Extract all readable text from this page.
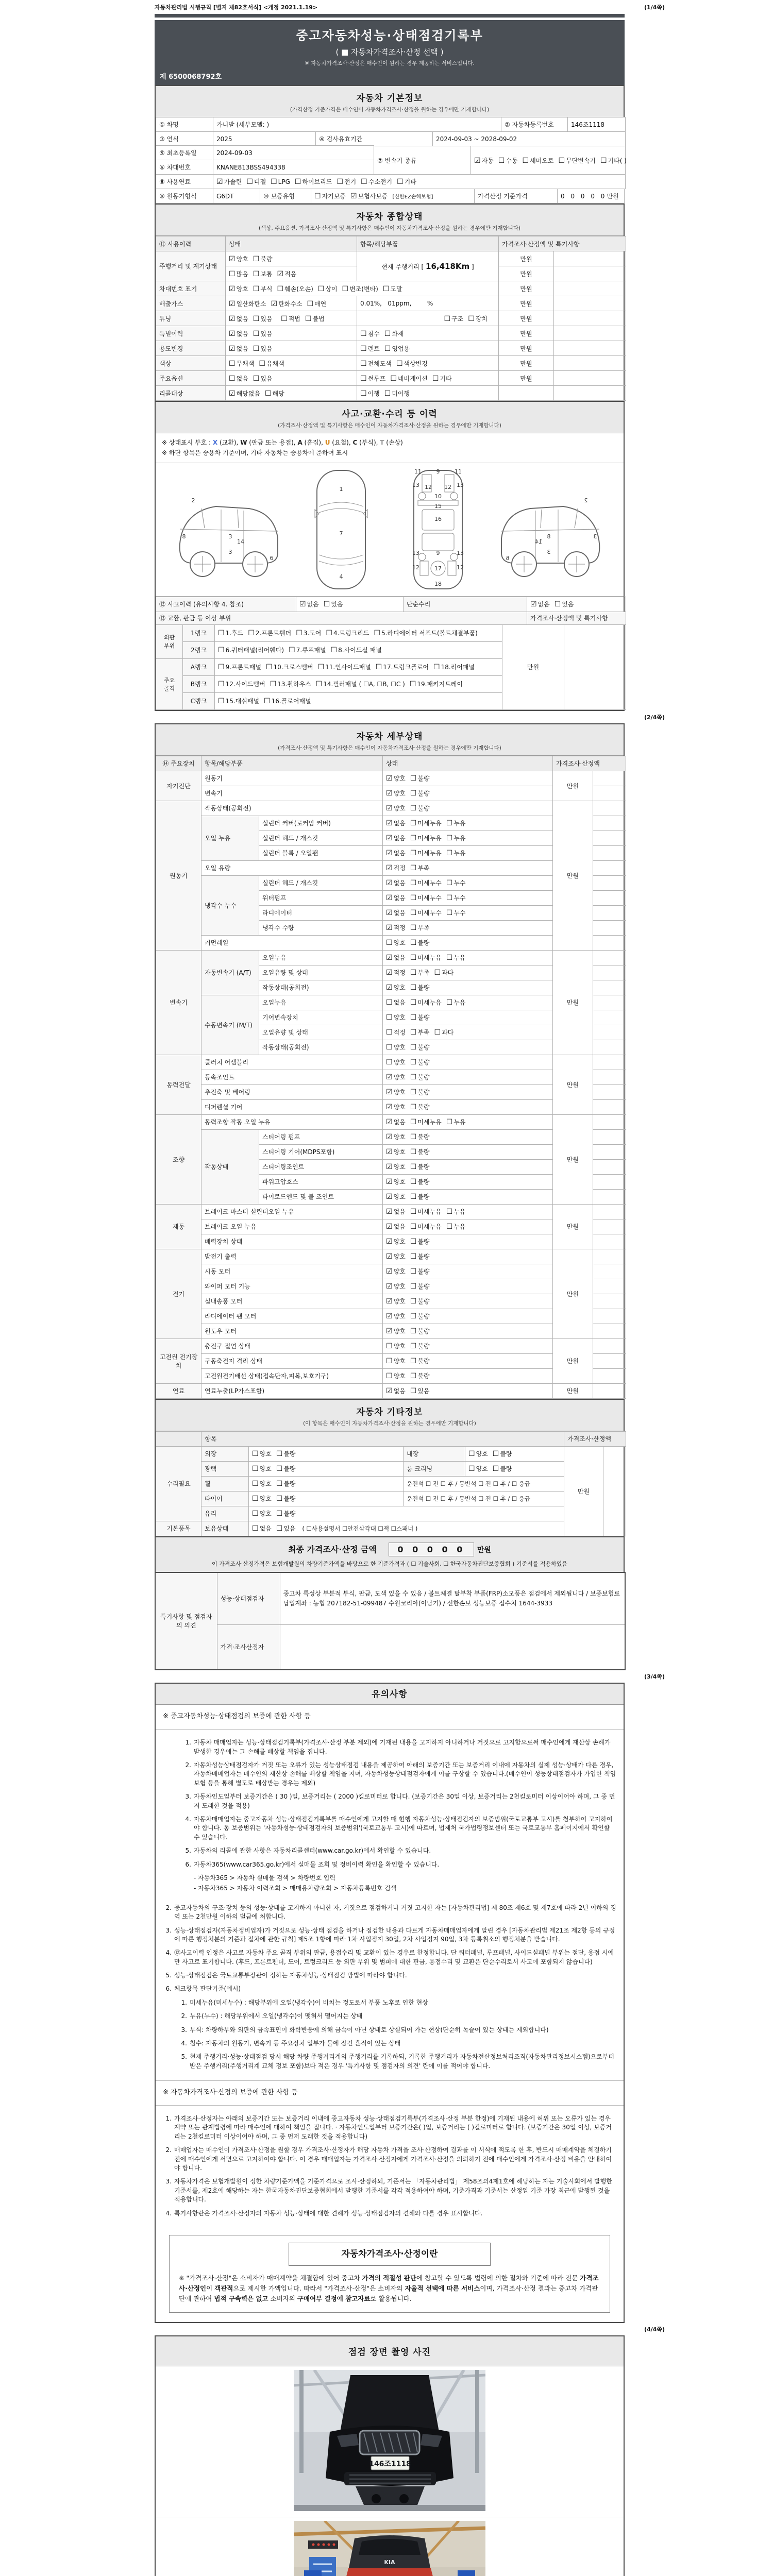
자동차관리법 시행규칙 [별지 제82호서식] <개정 2021.1.19>	(1/4쪽)
중고자동차성능·상태점검기록부
( ■ 자동차가격조사·산정 선택 )
※ 자동차가격조사·산정은 매수인이 원하는 경우 제공하는 서비스입니다.
제 6500068792호
자동차 기본정보
(가격산정 기준가격은 매수인이 자동차가격조사·산정을 원하는 경우에만 기재합니다)
① 차명	카니발 (세부모델: )	② 자동차등록번호	146조1118
③ 연식	2025	④ 검사유효기간	2024-09-03 ~ 2028-09-02
⑤ 최초등록일	2024-09-03
⑥ 차대번호	KNANE813BSS494338
⑦ 변속기 종류	☑ 자동 ☐ 수동 ☐ 세미오토 ☐ 무단변속기 ☐ 기타( )
⑧ 사용연료	☑ 가솔린 ☐ 디젤 ☐ LPG ☐ 하이브리드 ☐ 전기 ☐ 수소전기 ☐ 기타
⑨ 원동기형식	G6DT	⑩ 보증유형	☐ 자기보증 ☑ 보험사보증 [신한EZ손해보험]	가격산정 기준가격	0 0 0 0 0 만원
자동차 종합상태
(색상, 주요옵션, 가격조사·산정액 및 특기사항은 매수인이 자동차가격조사·산정을 원하는 경우에만 기재합니다)
⑪ 사용이력	상태	항목/해당부품	가격조사·산정액 및 특기사항	
주행거리 및 계기상태	☑ 양호 ☐ 불량	현재 주행거리 [ 16,418Km ]	만원	
	☐ 많음 ☐ 보통 ☑ 적음		만원	
차대번호 표기	☑ 양호 ☐ 부식 ☐ 훼손(오손) ☐ 상이 ☐ 변조(변타) ☐ 도말		만원	
배출가스	☑ 일산화탄소 ☑ 탄화수소 ☐ 매연	0.01%,   01ppm,        %	만원	
튜닝	☑ 없음 ☐ 있음 ☐ 적법 ☐ 불법	☐ 구조 ☐ 장치	만원	
특별이력	☑ 없음 ☐ 있음	☐ 침수 ☐ 화재	만원	
용도변경	☑ 없음 ☐ 있음	☐ 렌트 ☐ 영업용	만원	
색상	☐ 무채색 ☐ 유채색	☐ 전체도색 ☐ 색상변경	만원	
주요옵션	☐ 없음 ☐ 있음	☐ 썬루프 ☐ 네비게이션 ☐ 기타	만원	
리콜대상	☑ 해당없음 ☐ 해당	☐ 이행 ☐ 미이행		
사고·교환·수리 등 이력
(가격조사·산정액 및 특기사항은 매수인이 자동차가격조사·산정을 원하는 경우에만 기재합니다)
※ 상태표시 부호 : X (교환), W (판금 또는 용접), A (흠집), U (요철), C (부식), T (손상)
※ 하단 항목은 승용차 기준이며, 기타 자동차는 승용차에 준하여 표시
2
8	3
14
3
6
1
7
4
11	9	11
13 12 12 13
10
15
16
13	9	13
12	17	12
18
2
3
8
14
3
6
⑫ 사고이력 (유의사항 4. 참조)	☑ 없음 ☐ 있음	단순수리	☑ 없음 ☐ 있음
⑬ 교환, 판금 등 이상 부위			가격조사·산정액 및 특기사항
외판
부위	1랭크	☐ 1.후드 ☐ 2.프론트휀더 ☐ 3.도어 ☐ 4.트렁크리드 ☐ 5.라디에이터 서포트(볼트체결부품)	만원	
	2랭크	☐ 6.쿼터패널(리어휀다) ☐ 7.루프패널 ☐ 8.사이드실 패널		
주요
골격	A랭크	☐ 9.프론트패널 ☐ 10.크로스멤버 ☐ 11.인사이드패널 ☐ 17.트렁크플로어 ☐ 18.리어패널		
	B랭크	☐ 12.사이드멤버 ☐ 13.휠하우스 ☐ 14.필러패널 ( ☐A, ☐B, ☐C ) ☐ 19.패키지트레이		
	C랭크	☐ 15.대쉬패널 ☐ 16.플로어패널		
(2/4쪽)
자동차 세부상태
(가격조사·산정액 및 특기사항은 매수인이 자동차가격조사·산정을 원하는 경우에만 기재합니다)
⑭ 주요장치	항목/해당부품		상태	가격조사·산정액	
자기진단	원동기		☑ 양호 ☐ 불량	만원	
	변속기		☑ 양호 ☐ 불량		
원동기	작동상태(공회전)		☑ 양호 ☐ 불량	만원	
	오일 누유	실린더 커버(로커암 커버)	☑ 없음 ☐ 미세누유 ☐ 누유		
		실린더 헤드 / 개스킷	☑ 없음 ☐ 미세누유 ☐ 누유		
		실린더 블록 / 오일팬	☑ 없음 ☐ 미세누유 ☐ 누유		
	오일 유량		☑ 적정 ☐ 부족		
	냉각수 누수	실린더 헤드 / 개스킷	☑ 없음 ☐ 미세누수 ☐ 누수		
		워터펌프	☑ 없음 ☐ 미세누수 ☐ 누수		
		라디에이터	☑ 없음 ☐ 미세누수 ☐ 누수		
		냉각수 수량	☑ 적정 ☐ 부족		
	커먼레일		☐ 양호 ☐ 불량		
변속기	자동변속기 (A/T)	오일누유	☑ 없음 ☐ 미세누유 ☐ 누유	만원	
		오일유량 및 상태	☑ 적정 ☐ 부족 ☐ 과다		
		작동상태(공회전)	☑ 양호 ☐ 불량		
	수동변속기 (M/T)	오일누유	☐ 없음 ☐ 미세누유 ☐ 누유		
		기어변속장치	☐ 양호 ☐ 불량		
		오일유량 및 상태	☐ 적정 ☐ 부족 ☐ 과다		
		작동상태(공회전)	☐ 양호 ☐ 불량		
동력전달	클러치 어셈블리		☐ 양호 ☐ 불량	만원	
	등속조인트		☑ 양호 ☐ 불량		
	추진축 및 베어링		☑ 양호 ☐ 불량		
	디퍼렌셜 기어		☑ 양호 ☐ 불량		
조향	동력조향 작동 오일 누유		☑ 없음 ☐ 미세누유 ☐ 누유	만원	
	작동상태	스티어링 펌프	☑ 양호 ☐ 불량		
		스티어링 기어(MDPS포함)	☑ 양호 ☐ 불량		
		스티어링조인트	☑ 양호 ☐ 불량		
		파워고압호스	☑ 양호 ☐ 불량		
		타이로드엔드 및 볼 조인트	☑ 양호 ☐ 불량		
제동	브레이크 마스터 실린더오일 누유		☑ 없음 ☐ 미세누유 ☐ 누유	만원	
	브레이크 오일 누유		☑ 없음 ☐ 미세누유 ☐ 누유		
	배력장치 상태		☑ 양호 ☐ 불량		
전기	발전기 출력		☑ 양호 ☐ 불량	만원	
	시동 모터		☑ 양호 ☐ 불량		
	와이퍼 모터 기능		☑ 양호 ☐ 불량		
	실내송풍 모터		☑ 양호 ☐ 불량		
	라디에이터 팬 모터		☑ 양호 ☐ 불량		
	윈도우 모터		☑ 양호 ☐ 불량		
고전원 전기장치	충전구 절연 상태		☐ 양호 ☐ 불량	만원	
	구동축전지 격리 상태		☐ 양호 ☐ 불량		
	고전원전기배선 상태(접속단자,피복,보호기구)		☐ 양호 ☐ 불량		
연료	연료누출(LP가스포함)		☑ 없음 ☐ 있음	만원	
자동차 기타정보
(이 항목은 매수인이 자동차가격조사·산정을 원하는 경우에만 기재합니다)
	항목				가격조사·산정액	
수리필요	외장	☐ 양호 ☐ 불량	내장	☐ 양호 ☐ 불량	만원	
	광택	☐ 양호 ☐ 불량	룸 크리닝	☐ 양호 ☐ 불량		
	휠	☐ 양호 ☐ 불량	운전석 ☐ 전 ☐ 후 / 동반석 ☐ 전 ☐ 후 / ☐ 응급			
	타이어	☐ 양호 ☐ 불량	운전석 ☐ 전 ☐ 후 / 동반석 ☐ 전 ☐ 후 / ☐ 응급			
	유리	☐ 양호 ☐ 불량				
기본품목	보유상태	☐ 없음 ☐ 있음 ( ☐사용설명서 ☐안전삼각대 ☐잭 ☐스패너 )				
최종 가격조사·산정 금액	0 0 0 0 0 만원
이 가격조사·산정가격은 보험개발원의 차량기준가액을 바탕으로 한 기준가격과 ( ☐ 기술사회, ☐ 한국자동차진단보증협회 ) 기준서를 적용하였음
특기사항 및 점검자의 의견	성능·상태점검자	중고차 특성상 부분적 부식, 판금, 도색 있을 수 있음 / 볼트체결 탈부착 부품(FRP)소모품은 점검에서 제외됩니다 / 보증보험료 납입계좌 : 농협 207182-51-099487 수원코리아(이남기) / 신한손보 성능보증 접수처 1644-3933
	가격·조사산정자	
(3/4쪽)
유의사항
※ 중고자동차성능·상태점검의 보증에 관한 사항 등
1. 자동차 매매업자는 성능·상태점검기록부(가격조사·산정 부분 제외)에 기재된 내용을 고지하지 아니하거나 거짓으로 고지함으로써 매수인에게 재산상 손해가 발생한 경우에는 그 손해를 배상할 책임을 집니다.
2. 자동차성능상태점검자가 거짓 또는 오류가 있는 성능상태점검 내용을 제공하여 아래의 보증기간 또는 보증거리 이내에 자동차의 실제 성능·상태가 다른 경우, 자동차매매업자는 매수인의 재산상 손해를 배상할 책임을 지며, 자동차성능상태점검자에게 이를 구상할 수 있습니다.(매수인이 성능상태점검자가 가입한 책임보험 등을 통해 별도로 배상받는 경우는 제외)
3. 자동차인도일부터 보증기간은 ( 30 )일, 보증거리는 ( 2000 )킬로미터로 합니다. (보증기간은 30일 이상, 보증거리는 2천킬로미터 이상이어야 하며, 그 중 먼저 도래한 것을 적용)
4. 자동차매매업자는 중고자동차 성능·상태점검기록부를 매수인에게 고지할 때 현행 자동차성능·상태점검자의 보증범위(국토교통부 고시)를 첨부하여 고지하여야 합니다. 동 보증범위는 '자동차성능·상태점검자의 보증범위'(국토교통부 고시)에 따르며, 법제처 국가법령정보센터 또는 국토교통부 홈페이지에서 확인할 수 있습니다.
5. 자동차의 리콜에 관한 사항은 자동차리콜센터(www.car.go.kr)에서 확인할 수 있습니다.
6. 자동차365(www.car365.go.kr)에서 실매물 조회 및 정비이력 확인을 확인할 수 있습니다.
- 자동차365 > 자동차 실매물 검색 > 차량번호 입력
- 자동차365 > 자동차 이력조회 > 매매용차량조회 > 자동차등록번호 검색
2. 중고자동차의 구조·장치 등의 성능·상태를 고지하지 아니한 자, 거짓으로 점검하거나 거짓 고지한 자는 [자동차관리법] 제 80조 제6호 및 제7호에 따라 2년 이하의 징역 또는 2천만원 이하의 벌금에 처합니다.
3. 성능·상태점검자(자동차정비업자)가 거짓으로 성능·상태 점검을 하거나 점검한 내용과 다르게 자동차매매업자에게 알린 경우 [자동차관리법 제21조 제2항 등의 규정에 따른 행정처분의 기준과 절차에 관한 규칙] 제5조 1항에 따라 1차 사업정지 30일, 2차 사업정지 90일, 3차 등록취소의 행정처분을 받습니다.
4. ⑫사고이력 인정은 사고로 자동차 주요 골격 부위의 판금, 용접수리 및 교환이 있는 경우로 한정합니다. 단 쿼터패널, 루프패널, 사이드실패널 부위는 절단, 용접 시에만 사고로 표기합니다. (후드, 프론트펜더, 도어, 트렁크리드 등 외판 부위 및 범퍼에 대한 판금, 용접수리 및 교환은 단순수리로서 사고에 포함되지 않습니다)
5. 성능·상태점검은 국토교통부장관이 정하는 자동차성능·상태점검 방법에 따라야 합니다.
6. 체크항목 판단기준(예시)
1. 미세누유(미세누수) : 해당부위에 오일(냉각수)이 비치는 정도로서 부품 노후로 인한 현상
2. 누유(누수) : 해당부위에서 오일(냉각수)이 맺혀서 떨어지는 상태
3. 부식: 차량하부와 외판의 금속표면이 화학반응에 의해 금속이 아닌 상태로 상실되어 가는 현상(단순히 녹슬어 있는 상태는 제외합니다)
4. 침수: 자동차의 원동기, 변속기 등 주요장치 일부가 물에 잠긴 흔적이 있는 상태
5. 현재 주행거리·성능·상태점검 당시 해당 차량 주행거리계의 주행거리를 기록하되, 기록한 주행거리가 자동차전산정보처리조직(자동차관리정보시스템)으로부터 받은 주행거리(주행거리계 교체 정보 포함)보다 적은 경우 '특기사항 및 점검자의 의견' 란에 이를 적어야 합니다.
※ 자동차가격조사·산정의 보증에 관한 사항 등
1. 가격조사·산정자는 아래의 보증기간 또는 보증거리 이내에 중고자동차 성능·상태점검기록부(가격조사·산정 부분 한정)에 기재된 내용에 허위 또는 오류가 있는 경우 계약 또는 관계법령에 따라 매수인에 대하여 책임을 집니다. · 자동차인도일부터 보증기간은( )일, 보증거리는 ( )킬로미터로 합니다. (보증기간은 30일 이상, 보증거리는 2천킬로미터 이상이어야 하며, 그 중 먼저 도래한 것을 적용합니다)
2. 매매업자는 매수인이 가격조사·산정을 원할 경우 가격조사·산정자가 해당 자동차 가격을 조사·산정하여 결과를 이 서식에 적도록 한 후, 반드시 매매계약을 체결하기 전에 매수인에게 서면으로 고지하여야 합니다. 이 경우 매매업자는 가격조사·산정자에게 가격조사·산정을 의뢰하기 전에 매수인에게 가격조사·산정 비용을 안내하여야 합니다.
3. 자동차가격은 보험개발원이 정한 차량기준가액을 기준가격으로 조사·산정하되, 기준서는 「자동차관리법」 제58조의4제1호에 해당하는 자는 기술사회에서 발행한 기준서를, 제2호에 해당하는 자는 한국자동차진단보증협회에서 발행한 기준서를 각각 적용하여야 하며, 기준가격과 기준서는 산정일 기준 가장 최근에 발행된 것을 적용합니다.
4. 특기사항란은 가격조사·산정자의 자동차 성능·상태에 대한 견해가 성능·상태점검자의 견해와 다를 경우 표시합니다.
자동차가격조사·산정이란
※ "가격조사·산정"은 소비자가 매매계약을 체결함에 있어 중고차 가격의 적절성 판단에 참고할 수 있도록 법령에 의한 절차와 기준에 따라 전문 가격조사·산정인이 객관적으로 제시한 가액입니다. 따라서 "가격조사·산정"은 소비자의 자율적 선택에 따른 서비스이며, 가격조사·산정 결과는 중고차 가격판단에 관하여 법적 구속력은 없고 소비자의 구매여부 결정에 참고자료로 활용됩니다.
(4/4쪽)
점검 장면 촬영 사진
146조1118
KIA
